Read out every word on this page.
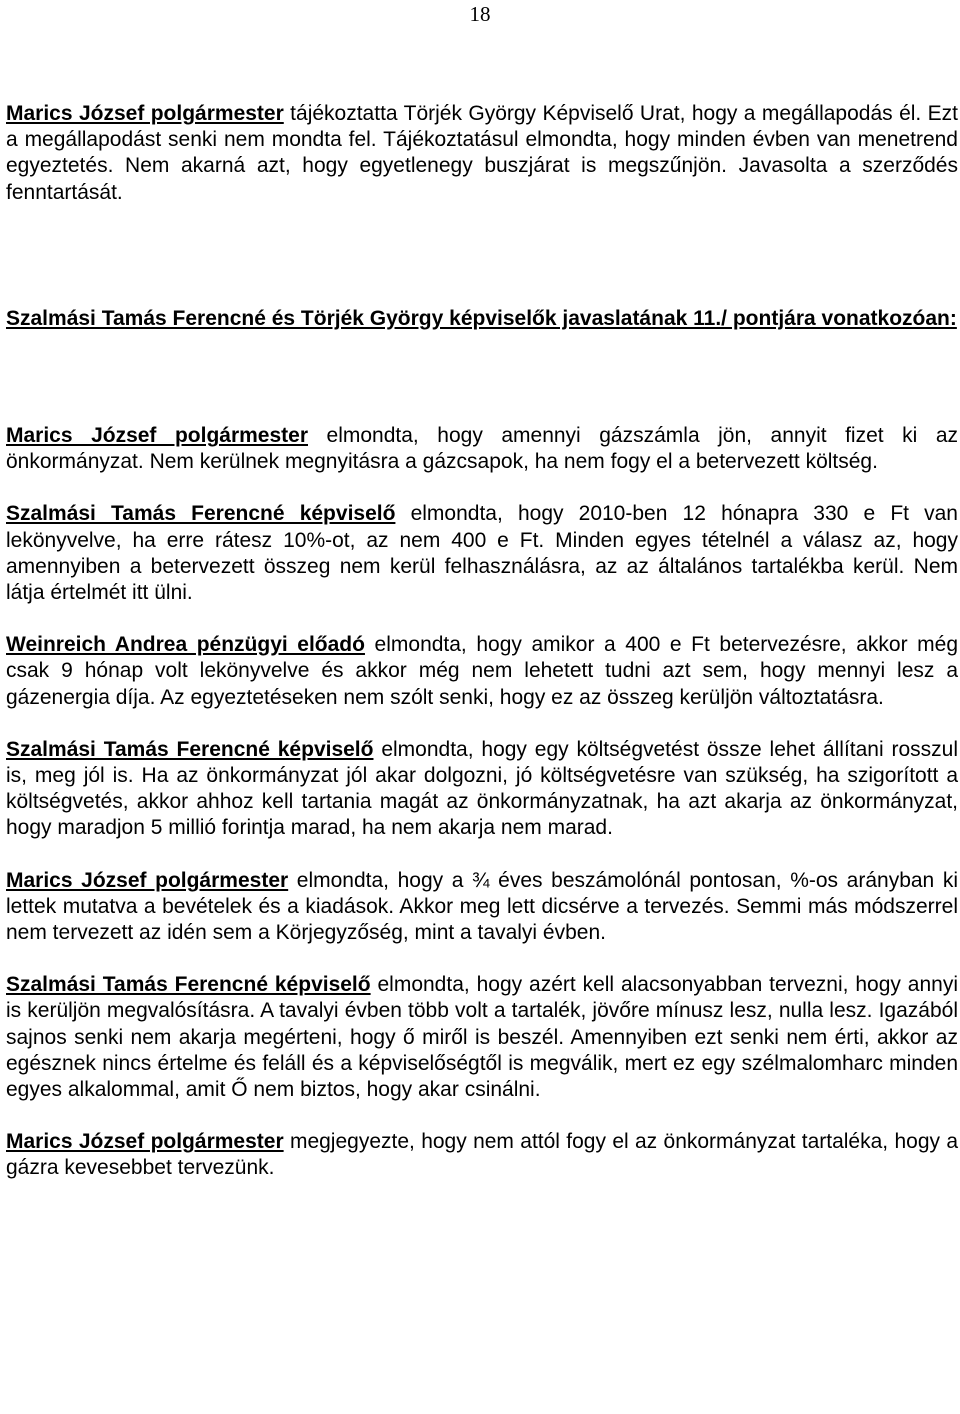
18

Marics József polgármester tájékoztatta Törjék György Képviselő Urat, hogy a megállapodás él. Ezt a megállapodást senki nem mondta fel. Tájékoztatásul elmondta, hogy minden évben van menetrend egyeztetés. Nem akarná azt, hogy egyetlenegy buszjárat is megszűnjön. Javasolta a szerződés fenntartását.

Szalmási Tamás Ferencné és Törjék György képviselők javaslatának 11./ pontjára vonatkozóan:

Marics József polgármester elmondta, hogy amennyi gázszámla jön, annyit fizet ki az önkormányzat. Nem kerülnek megnyitásra a gázcsapok, ha nem fogy el a betervezett költség.

Szalmási Tamás Ferencné képviselő elmondta, hogy 2010-ben 12 hónapra 330 e Ft van lekönyvelve, ha erre rátesz 10%-ot, az nem 400 e Ft. Minden egyes tételnél a válasz az, hogy amennyiben a betervezett összeg nem kerül felhasználásra, az az általános tartalékba kerül. Nem látja értelmét itt ülni.

Weinreich Andrea pénzügyi előadó elmondta, hogy amikor a 400 e Ft betervezésre, akkor még csak 9 hónap volt lekönyvelve és akkor még nem lehetett tudni azt sem, hogy mennyi lesz a gázenergia díja. Az egyeztetéseken nem szólt senki, hogy ez az összeg kerüljön változtatásra.

Szalmási Tamás Ferencné képviselő elmondta, hogy egy költségvetést össze lehet állítani rosszul is, meg jól is. Ha az önkormányzat jól akar dolgozni, jó költségvetésre van szükség, ha szigorított a költségvetés, akkor ahhoz kell tartania magát az önkormányzatnak, ha azt akarja az önkormányzat, hogy maradjon 5 millió forintja marad, ha nem akarja nem marad.

Marics József polgármester elmondta, hogy a ¾ éves beszámolónál pontosan, %-os arányban ki lettek mutatva a bevételek és a kiadások. Akkor meg lett dicsérve a tervezés. Semmi más módszerrel nem tervezett az idén sem a Körjegyzőség, mint a tavalyi évben.

Szalmási Tamás Ferencné képviselő elmondta, hogy azért kell alacsonyabban tervezni, hogy annyi is kerüljön megvalósításra. A tavalyi évben több volt a tartalék, jövőre mínusz lesz, nulla lesz. Igazából sajnos senki nem akarja megérteni, hogy ő miről is beszél. Amennyiben ezt senki nem érti, akkor az egésznek nincs értelme és feláll és a képviselőségtől is megválik, mert ez egy szélmalomharc minden egyes alkalommal, amit Ő nem biztos, hogy akar csinálni.

Marics József polgármester megjegyezte, hogy nem attól fogy el az önkormányzat tartaléka, hogy a gázra kevesebbet tervezünk.
